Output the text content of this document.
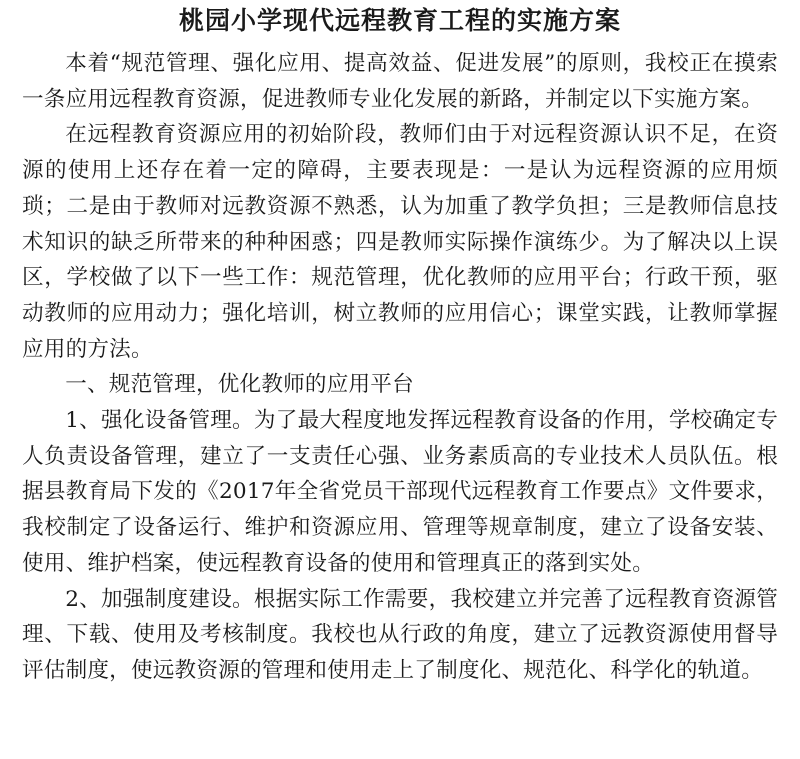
桃园小学现代远程教育工程的实施方案

本着“规范管理、强化应用、提高效益、促进发展”的原则，我校正在摸索一条应用远程教育资源，促进教师专业化发展的新路，并制定以下实施方案。

在远程教育资源应用的初始阶段，教师们由于对远程资源认识不足，在资源的使用上还存在着一定的障碍，主要表现是：一是认为远程资源的应用烦琐；二是由于教师对远教资源不熟悉，认为加重了教学负担；三是教师信息技术知识的缺乏所带来的种种困惑；四是教师实际操作演练少。为了解决以上误区，学校做了以下一些工作：规范管理，优化教师的应用平台；行政干预，驱动教师的应用动力；强化培训，树立教师的应用信心；课堂实践，让教师掌握应用的方法。

一、规范管理，优化教师的应用平台

1、强化设备管理。为了最大程度地发挥远程教育设备的作用，学校确定专人负责设备管理，建立了一支责任心强、业务素质高的专业技术人员队伍。根据县教育局下发的《2017年全省党员干部现代远程教育工作要点》文件要求，我校制定了设备运行、维护和资源应用、管理等规章制度，建立了设备安装、使用、维护档案，使远程教育设备的使用和管理真正的落到实处。

2、加强制度建设。根据实际工作需要，我校建立并完善了远程教育资源管理、下载、使用及考核制度。我校也从行政的角度，建立了远教资源使用督导评估制度，使远教资源的管理和使用走上了制度化、规范化、科学化的轨道。
